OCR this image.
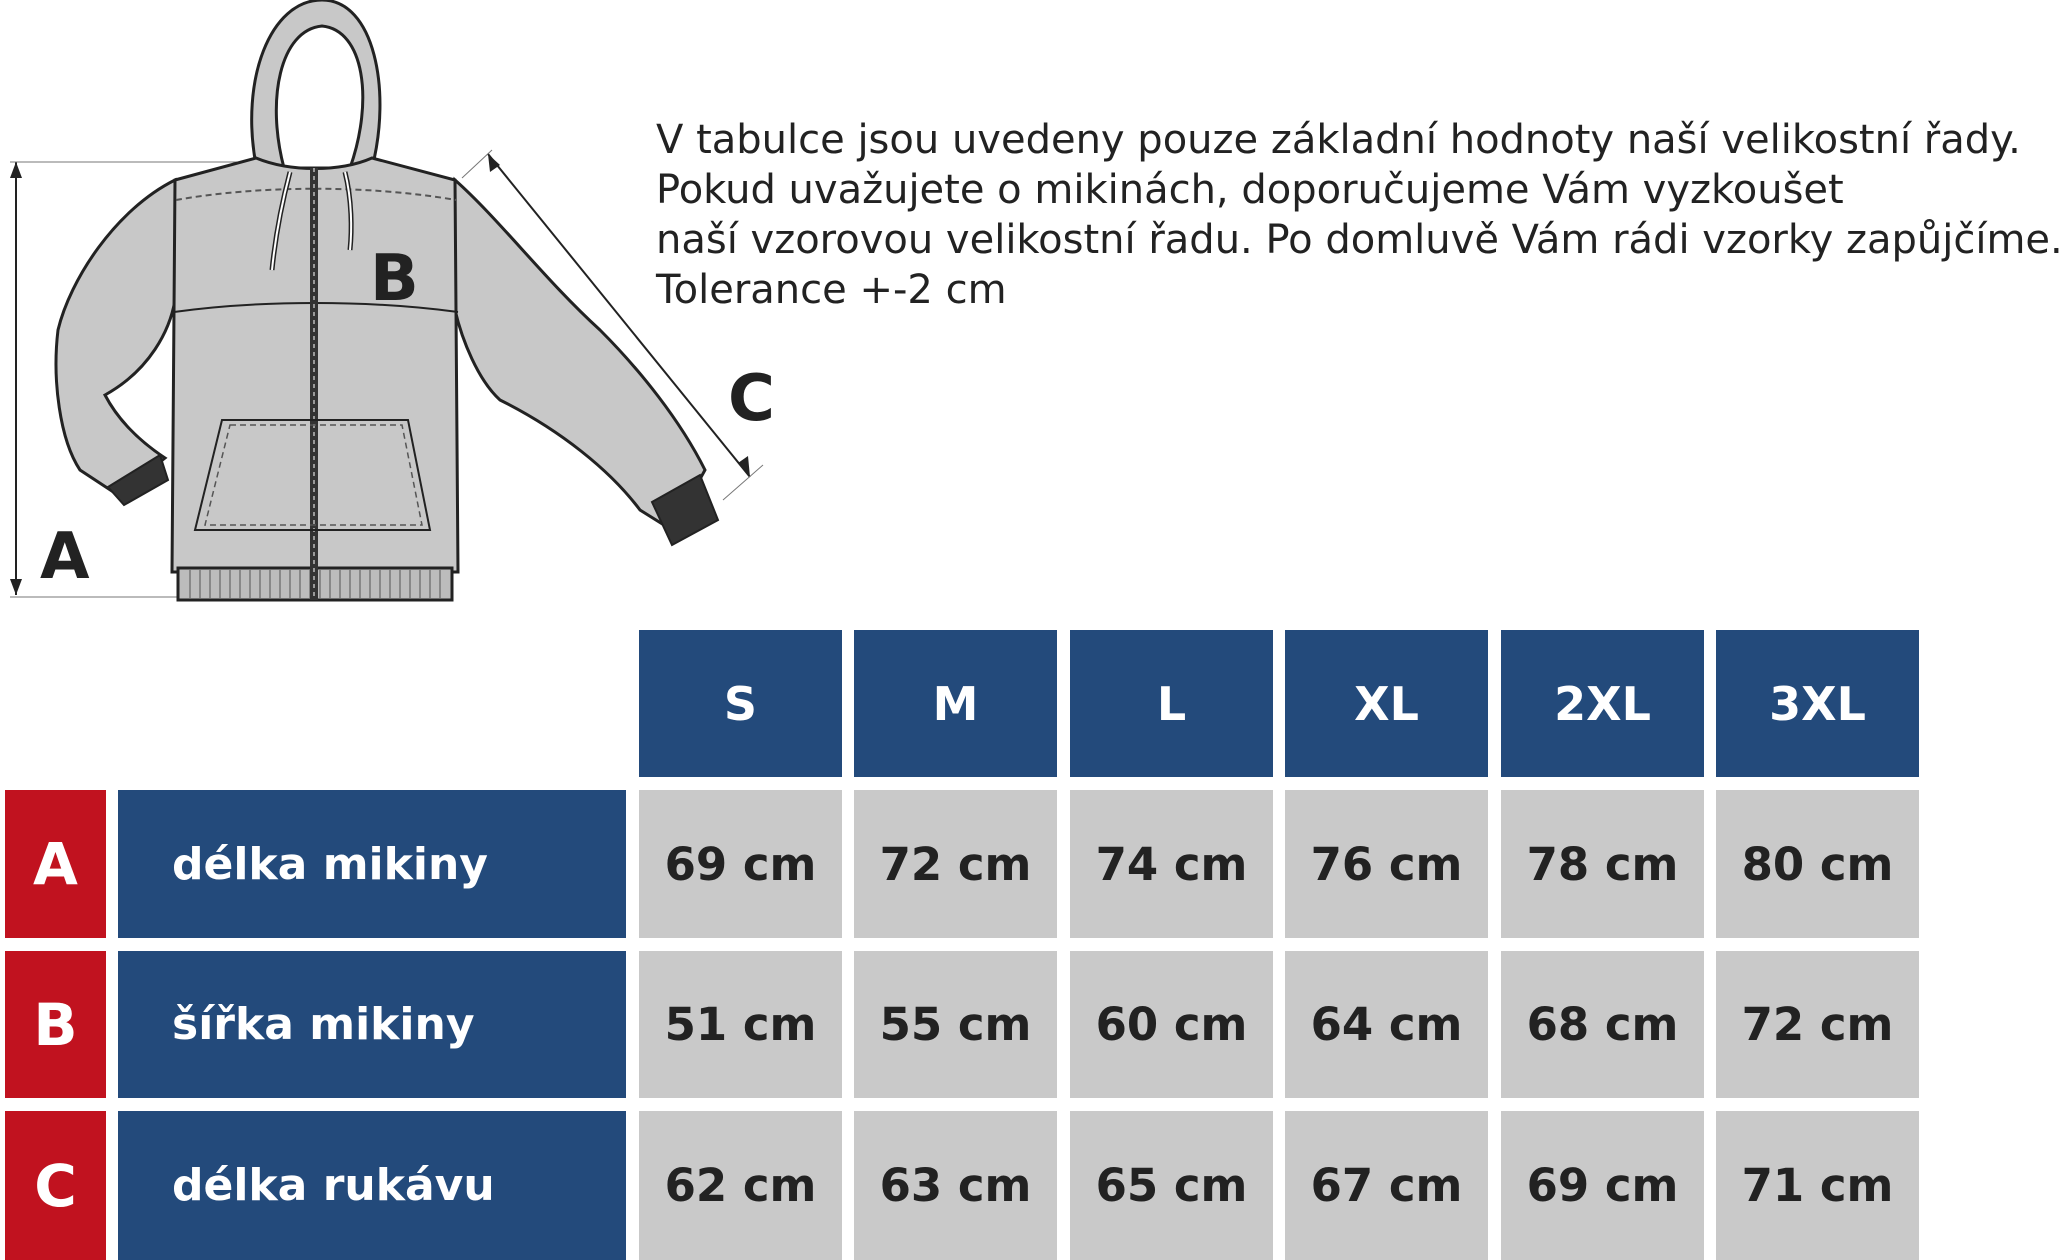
A
B
C
V tabulce jsou uvedeny pouze základní hodnoty naší velikostní řady.
Pokud uvažujete o mikinách, doporučujeme Vám vyzkoušet
naší vzorovou velikostní řadu. Po domluvě Vám rádi vzorky zapůjčíme.
Tolerance +-2 cm
S	M	L	XL	2XL	3XL
A	délka mikiny	69 cm	72 cm	74 cm	76 cm	78 cm	80 cm
B	šířka mikiny	51 cm	55 cm	60 cm	64 cm	68 cm	72 cm
C	délka rukávu	62 cm	63 cm	65 cm	67 cm	69 cm	71 cm
